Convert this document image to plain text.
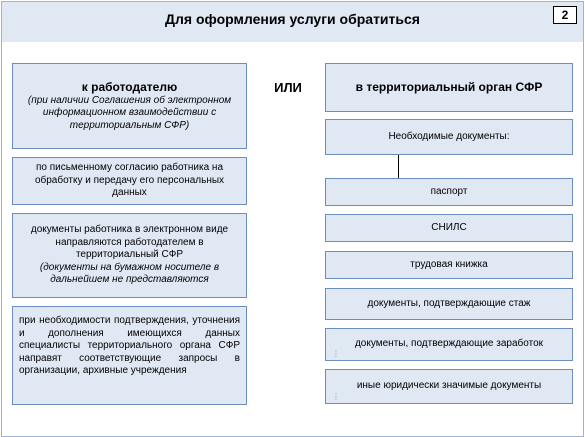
Для оформления услуги обратиться	2
к работодателю
(при наличии Соглашения об электронном информационном взаимодействии с территориальным СФР)
по письменному согласию работника на обработку и передачу его персональных данных
документы работника в электронном виде направляются работодателем в территориальный СФР
(документы на бумажном носителе в дальнейшем не представляются
при необходимости подтверждения, уточнения и дополнения имеющихся данных специалисты территориального органа СФР направят соответствующие запросы в организации, архивные учреждения
ИЛИ	в территориальный орган СФР
Необходимые документы:
паспорт
СНИЛС
трудовая книжка
документы, подтверждающие стаж
документы, подтверждающие заработок
⋮
иные юридически значимые документы
⋮
